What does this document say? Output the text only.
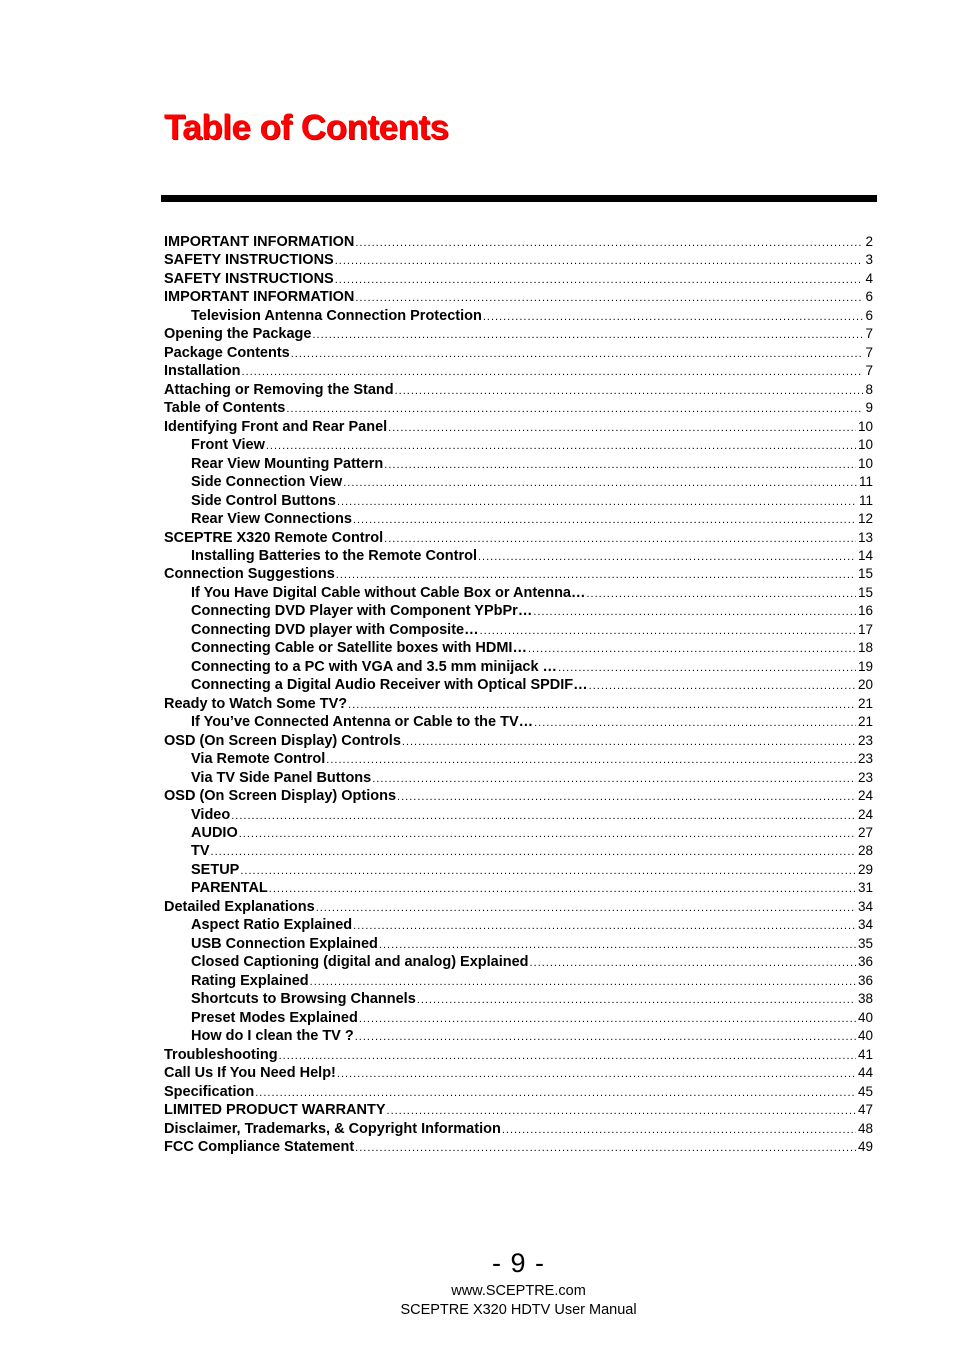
Table of Contents
IMPORTANT INFORMATION .....	2
SAFETY INSTRUCTIONS .....	3
SAFETY INSTRUCTIONS .....	4
IMPORTANT INFORMATION .....	6
Television Antenna Connection Protection .....	6
Opening the Package .....	7
Package Contents .....	7
Installation .....	7
Attaching or Removing the Stand .....	8
Table of Contents .....	9
Identifying Front and Rear Panel .....	10
Front View .....	10
Rear View Mounting Pattern .....	10
Side Connection View .....	11
Side Control Buttons .....	11
Rear View Connections .....	12
SCEPTRE X320 Remote Control .....	13
Installing Batteries to the Remote Control .....	14
Connection Suggestions .....	15
If You Have Digital Cable without Cable Box or Antenna… .....	15
Connecting DVD Player with Component YPbPr… .....	16
Connecting DVD player with Composite… .....	17
Connecting Cable or Satellite boxes with HDMI… .....	18
Connecting to a PC with VGA and 3.5 mm minijack … .....	19
Connecting a Digital Audio Receiver with Optical SPDIF… .....	20
Ready to Watch Some TV? .....	21
If You’ve Connected Antenna or Cable to the TV… .....	21
OSD (On Screen Display) Controls .....	23
Via Remote Control .....	23
Via TV Side Panel Buttons .....	23
OSD (On Screen Display) Options .....	24
Video .....	24
AUDIO .....	27
TV .....	28
SETUP .....	29
PARENTAL .....	31
Detailed Explanations .....	34
Aspect Ratio Explained .....	34
USB Connection Explained .....	35
Closed Captioning (digital and analog) Explained .....	36
Rating Explained .....	36
Shortcuts to Browsing Channels .....	38
Preset Modes Explained .....	40
How do I clean the TV ? .....	40
Troubleshooting .....	41
Call Us If You Need Help! .....	44
Specification .....	45
LIMITED PRODUCT WARRANTY .....	47
Disclaimer, Trademarks, & Copyright Information .....	48
FCC Compliance Statement .....	49
- 9 -
www.SCEPTRE.com
SCEPTRE X320 HDTV User Manual
